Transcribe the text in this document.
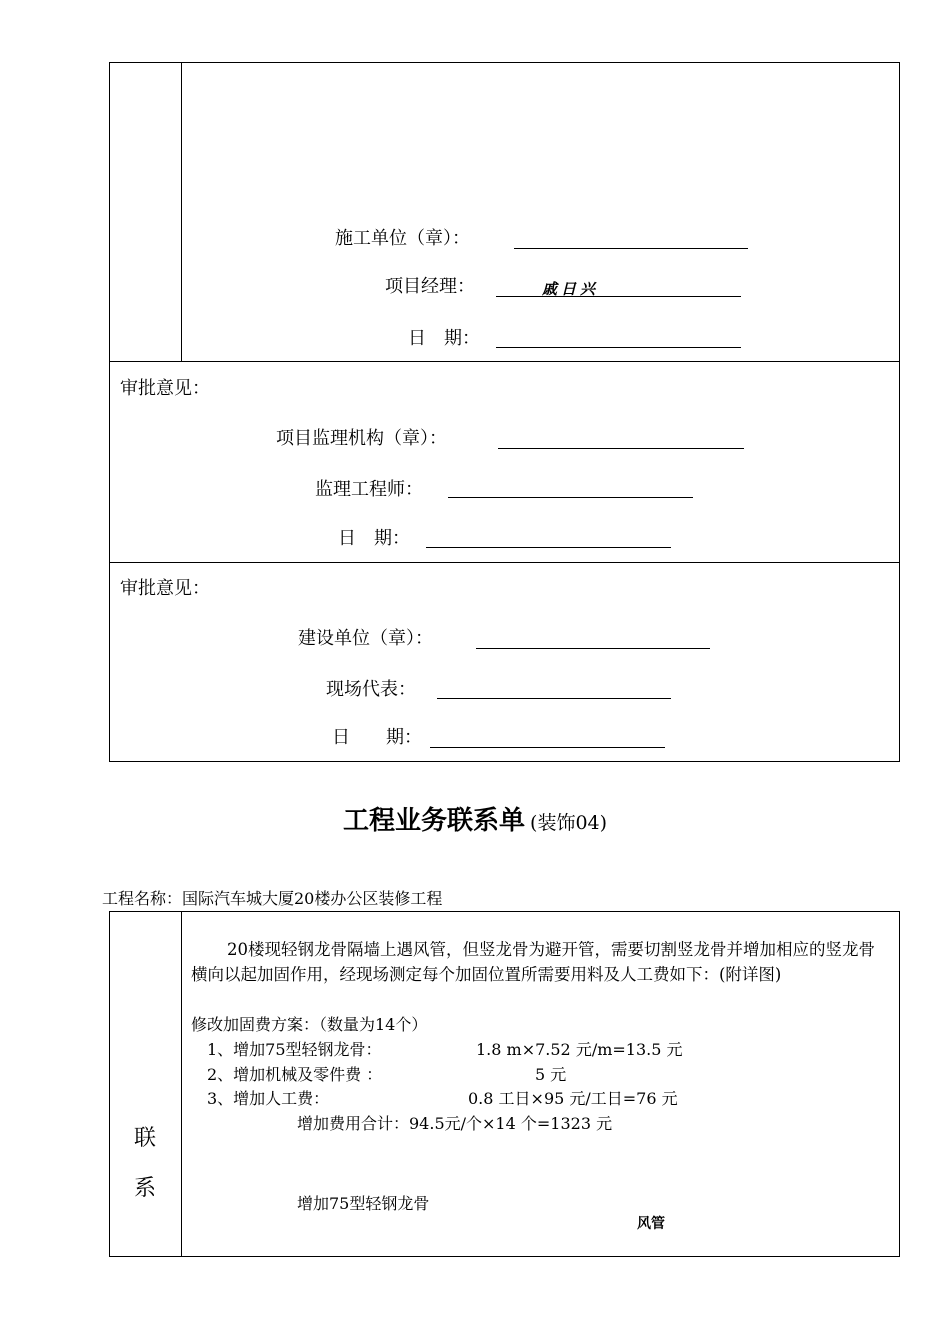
施工单位（章）：
项目经理：	戚日兴
日　期：
审批意见：
项目监理机构（章）：
监理工程师：
日　期：
审批意见：
建设单位（章）：
现场代表：
日　　期：
工程业务联系单 (装饰04)
工程名称：国际汽车城大厦20楼办公区装修工程
联
系
20楼现轻钢龙骨隔墙上遇风管，但竖龙骨为避开管，需要切割竖龙骨并增加相应的竖龙骨横向以起加固作用，经现场测定每个加固位置所需要用料及人工费如下：(附详图)
修改加固费方案：（数量为14个）
1、增加75型轻钢龙骨：	1.8 m×7.52 元/m=13.5 元
2、增加机械及零件费 ：	5 元
3、增加人工费：	0.8 工日×95 元/工日=76 元
增加费用合计：94.5元/个×14 个=1323 元
增加75型轻钢龙骨
风管
